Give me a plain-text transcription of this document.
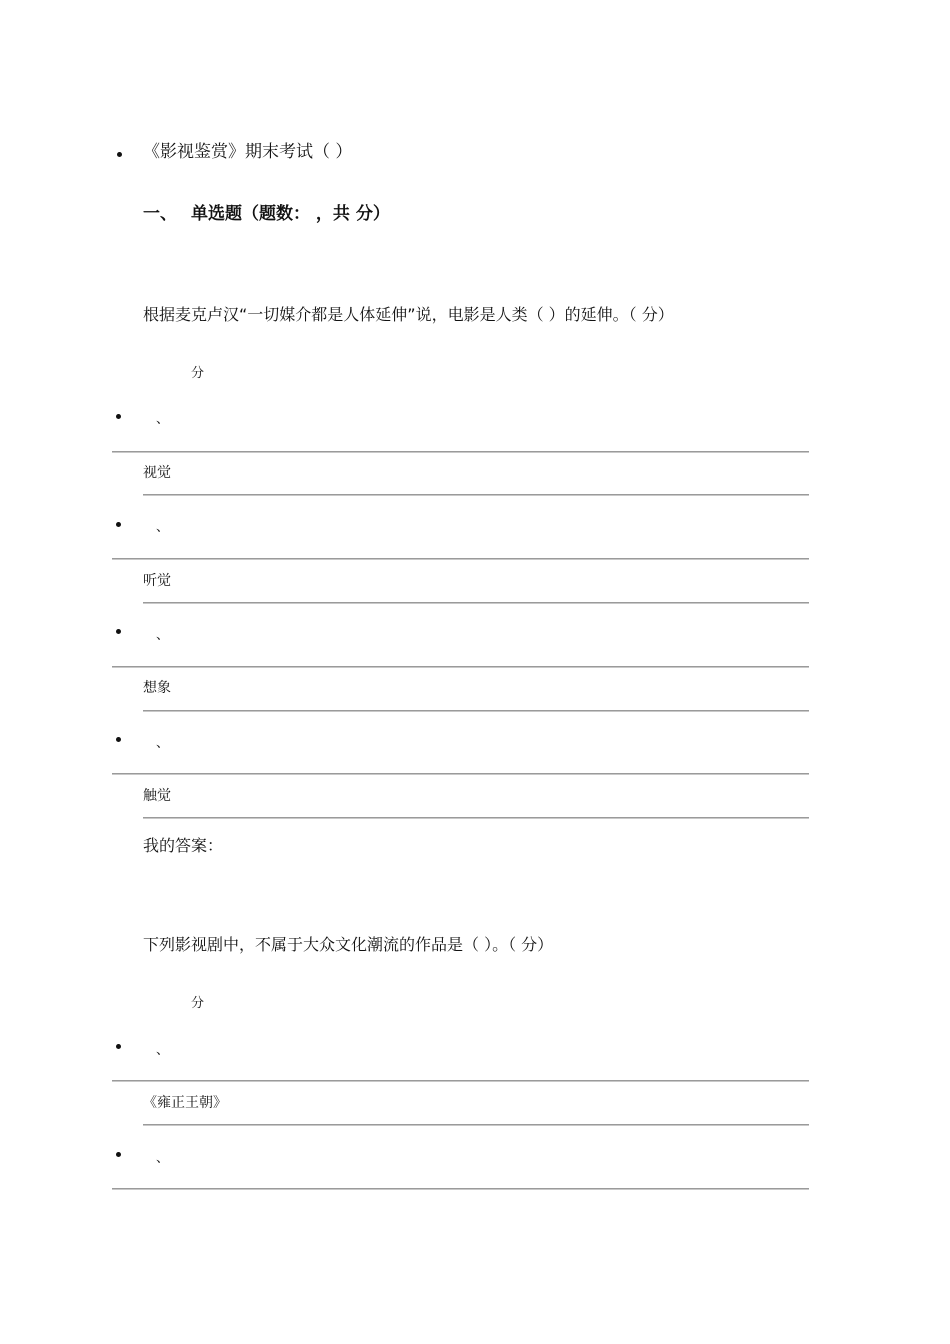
《影视鉴赏》期末考试（ ）
一、 单选题（题数： ，共 分）
根据麦克卢汉“一切媒介都是人体延伸”说，电影是人类（ ）的延伸。（ 分）
分
、
视觉
、
听觉
、
想象
、
触觉
我的答案：
下列影视剧中，不属于大众文化潮流的作品是（ ）。（ 分）
分
、
《雍正王朝》
、
